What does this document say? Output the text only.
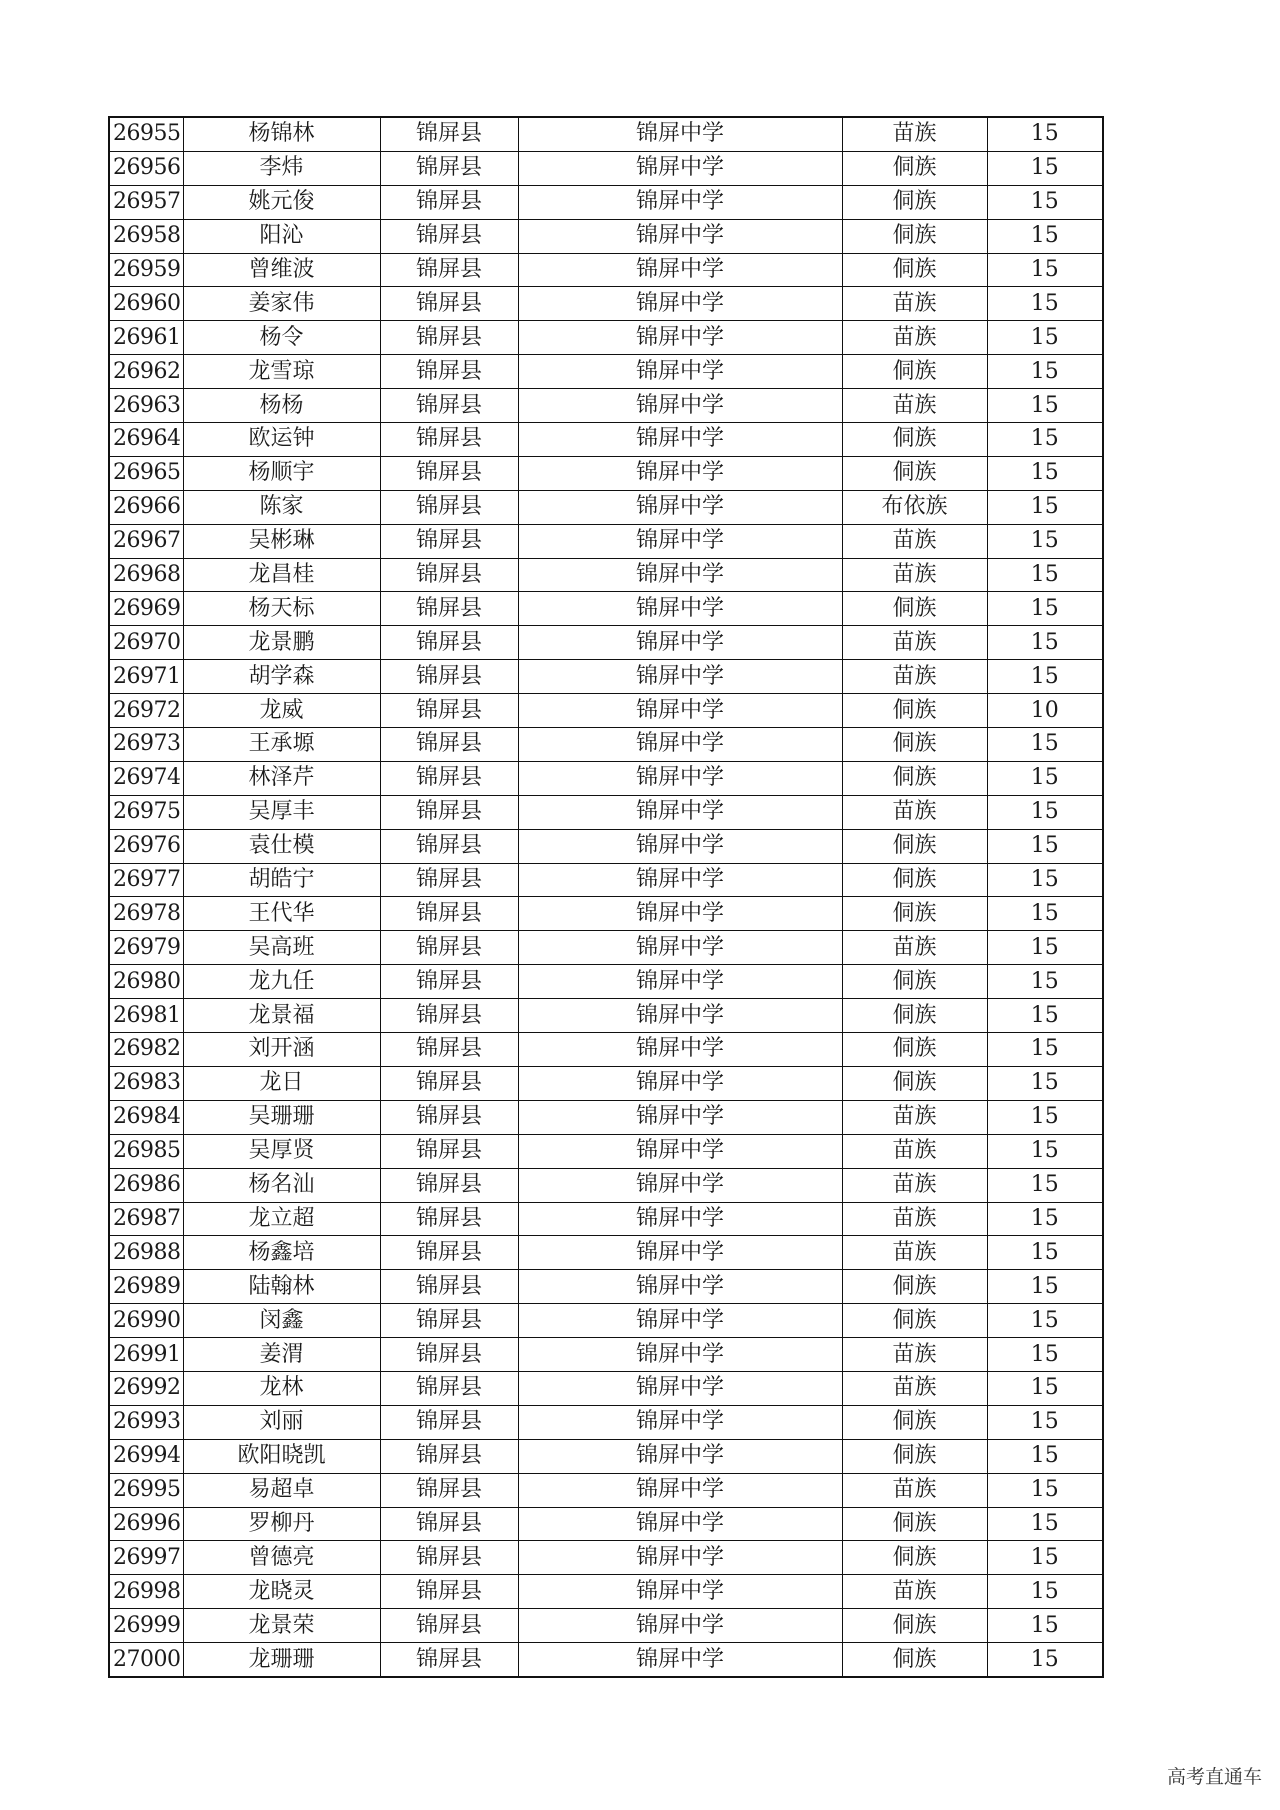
26955	杨锦林	锦屏县	锦屏中学	苗族	15
26956	李炜	锦屏县	锦屏中学	侗族	15
26957	姚元俊	锦屏县	锦屏中学	侗族	15
26958	阳沁	锦屏县	锦屏中学	侗族	15
26959	曾维波	锦屏县	锦屏中学	侗族	15
26960	姜家伟	锦屏县	锦屏中学	苗族	15
26961	杨令	锦屏县	锦屏中学	苗族	15
26962	龙雪琼	锦屏县	锦屏中学	侗族	15
26963	杨杨	锦屏县	锦屏中学	苗族	15
26964	欧运钟	锦屏县	锦屏中学	侗族	15
26965	杨顺宇	锦屏县	锦屏中学	侗族	15
26966	陈家	锦屏县	锦屏中学	布依族	15
26967	吴彬琳	锦屏县	锦屏中学	苗族	15
26968	龙昌桂	锦屏县	锦屏中学	苗族	15
26969	杨天标	锦屏县	锦屏中学	侗族	15
26970	龙景鹏	锦屏县	锦屏中学	苗族	15
26971	胡学森	锦屏县	锦屏中学	苗族	15
26972	龙威	锦屏县	锦屏中学	侗族	10
26973	王承塬	锦屏县	锦屏中学	侗族	15
26974	林泽芹	锦屏县	锦屏中学	侗族	15
26975	吴厚丰	锦屏县	锦屏中学	苗族	15
26976	袁仕模	锦屏县	锦屏中学	侗族	15
26977	胡皓宁	锦屏县	锦屏中学	侗族	15
26978	王代华	锦屏县	锦屏中学	侗族	15
26979	吴高班	锦屏县	锦屏中学	苗族	15
26980	龙九任	锦屏县	锦屏中学	侗族	15
26981	龙景福	锦屏县	锦屏中学	侗族	15
26982	刘开涵	锦屏县	锦屏中学	侗族	15
26983	龙日	锦屏县	锦屏中学	侗族	15
26984	吴珊珊	锦屏县	锦屏中学	苗族	15
26985	吴厚贤	锦屏县	锦屏中学	苗族	15
26986	杨名汕	锦屏县	锦屏中学	苗族	15
26987	龙立超	锦屏县	锦屏中学	苗族	15
26988	杨鑫培	锦屏县	锦屏中学	苗族	15
26989	陆翰林	锦屏县	锦屏中学	侗族	15
26990	闵鑫	锦屏县	锦屏中学	侗族	15
26991	姜渭	锦屏县	锦屏中学	苗族	15
26992	龙林	锦屏县	锦屏中学	苗族	15
26993	刘丽	锦屏县	锦屏中学	侗族	15
26994	欧阳晓凯	锦屏县	锦屏中学	侗族	15
26995	易超卓	锦屏县	锦屏中学	苗族	15
26996	罗柳丹	锦屏县	锦屏中学	侗族	15
26997	曾德亮	锦屏县	锦屏中学	侗族	15
26998	龙晓灵	锦屏县	锦屏中学	苗族	15
26999	龙景荣	锦屏县	锦屏中学	侗族	15
27000	龙珊珊	锦屏县	锦屏中学	侗族	15
高考直通车
